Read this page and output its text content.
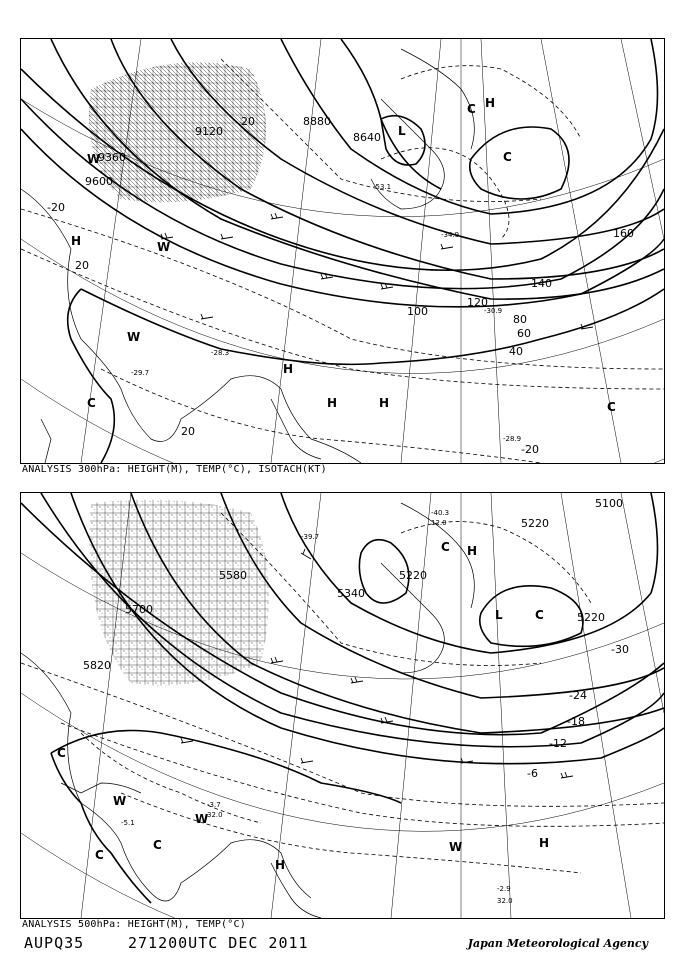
9120
8880
8640
9360
9600
20
40
60
80
100
120
140
160
-20
20
-20
20
-30.9
-28.3
-29.7
-34.9
-53.1
-28.9
L
C H
C
W
W
C	H	H
H
C
H
W
ANALYSIS 300hPa: HEIGHT(M), TEMP(°C), ISOTACH(KT)
5100
5220
5340
5220
5220
5580
5700
5820
-30
-24
-18
-12
-6
-40.3
12.0
-39.7
-2.9
32.0
-5.1
-3.7
32.0
L	C
H
C
H
W
W
W
C
C
C
H
ANALYSIS 500hPa: HEIGHT(M), TEMP(°C)
AUPQ35	271200UTC DEC 2011	Japan Meteorological Agency
